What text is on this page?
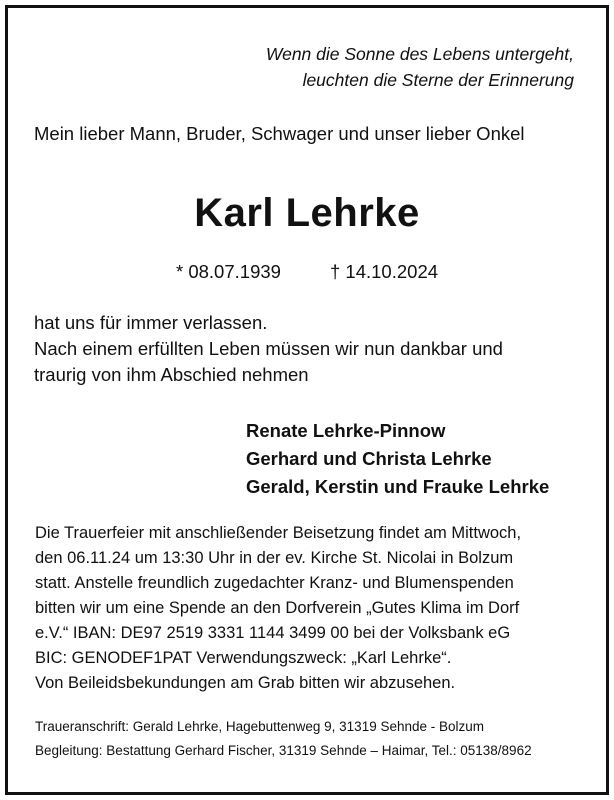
Wenn die Sonne des Lebens untergeht,

leuchten die Sterne der Erinnerung

Mein lieber Mann, Bruder, Schwager und unser lieber Onkel

Karl Lehrke

* 08.07.1939	† 14.10.2024

hat uns für immer verlassen.

Nach einem erfüllten Leben müssen wir nun dankbar und

traurig von ihm Abschied nehmen

Renate Lehrke-Pinnow

Gerhard und Christa Lehrke

Gerald, Kerstin und Frauke Lehrke

Die Trauerfeier mit anschließender Beisetzung findet am Mittwoch,

den 06.11.24 um 13:30 Uhr in der ev. Kirche St. Nicolai in Bolzum

statt. Anstelle freundlich zugedachter Kranz- und Blumenspenden

bitten wir um eine Spende an den Dorfverein „Gutes Klima im Dorf

e.V.“ IBAN: DE97 2519 3331 1144 3499 00 bei der Volksbank eG

BIC: GENODEF1PAT Verwendungszweck: „Karl Lehrke“.

Von Beileidsbekundungen am Grab bitten wir abzusehen.

Traueranschrift: Gerald Lehrke, Hagebuttenweg 9, 31319 Sehnde - Bolzum

Begleitung: Bestattung Gerhard Fischer, 31319 Sehnde – Haimar, Tel.: 05138/8962
